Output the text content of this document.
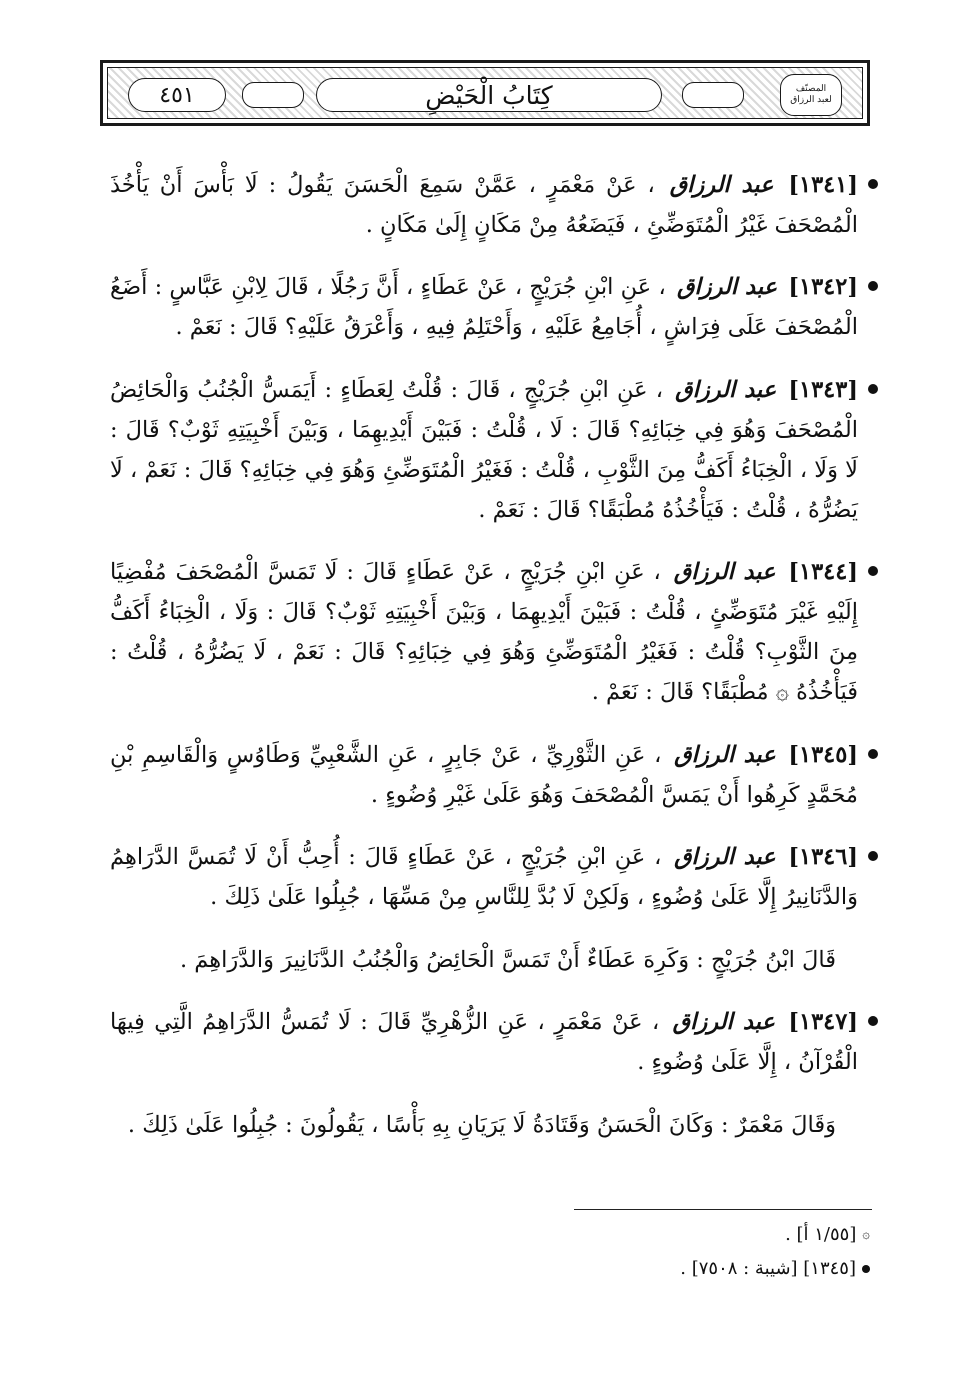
٤٥١	كِتَابُ الْحَيْضِ	المصنّف
لعبد الرزاق

[١٣٤١] عبد الرزاق ، عَنْ مَعْمَرٍ ، عَمَّنْ سَمِعَ الْحَسَنَ يَقُولُ : لَا بَأْسَ أَنْ يَأْخُذَ الْمُصْحَفَ غَيْرُ الْمُتَوَضِّئِ ، فَيَضَعُهُ مِنْ مَكَانٍ إِلَىٰ مَكَانٍ .

[١٣٤٢] عبد الرزاق ، عَنِ ابْنِ جُرَيْجٍ ، عَنْ عَطَاءٍ ، أَنَّ رَجُلًا ، قَالَ لِابْنِ عَبَّاسٍ : أَضَعُ الْمُصْحَفَ عَلَى فِرَاشٍ ، أُجَامِعُ عَلَيْهِ ، وَأَحْتَلِمُ فِيهِ ، وَأَعْرَقُ عَلَيْهِ؟ قَالَ : نَعَمْ .

[١٣٤٣] عبد الرزاق ، عَنِ ابْنِ جُرَيْجٍ ، قَالَ : قُلْتُ لِعَطَاءٍ : أَيَمَسُّ الْجُنُبُ وَالْحَائِضُ الْمُصْحَفَ وَهُوَ فِي خِبَائِهِ؟ قَالَ : لَا ، قُلْتُ : فَبَيْنَ أَيْدِيهِمَا ، وَبَيْنَ أَخْبِيَتِهِ ثَوْبٌ؟ قَالَ : لَا وَلَا ، الْخِبَاءُ أَكَفُّ مِنَ الثَّوْبِ ، قُلْتُ : فَغَيْرُ الْمُتَوَضِّئِ وَهُوَ فِي خِبَائِهِ؟ قَالَ : نَعَمْ ، لَا يَضُرُّهُ ، قُلْتُ : فَيَأْخُذُهُ مُطْبَقًا؟ قَالَ : نَعَمْ .

[١٣٤٤] عبد الرزاق ، عَنِ ابْنِ جُرَيْجٍ ، عَنْ عَطَاءٍ قَالَ : لَا تَمَسَّ الْمُصْحَفَ مُفْضِيًا إِلَيْهِ غَيْرَ مُتَوَضِّئٍ ، قُلْتُ : فَبَيْنَ أَيْدِيهِمَا ، وَبَيْنَ أَخْبِيَتِهِ ثَوْبٌ؟ قَالَ : وَلَا ، الْخِبَاءُ أَكَفُّ مِنَ الثَّوْبِ؟ قُلْتُ : فَغَيْرُ الْمُتَوَضِّئِ وَهُوَ فِي خِبَائِهِ؟ قَالَ : نَعَمْ ، لَا يَضُرُّهُ ، قُلْتُ : فَيَأْخُذُهُ ۞ مُطْبَقًا؟ قَالَ : نَعَمْ .

[١٣٤٥] عبد الرزاق ، عَنِ الثَّوْرِيِّ ، عَنْ جَابِرٍ ، عَنِ الشَّعْبِيِّ وَطَاوُسٍ وَالْقَاسِمِ بْنِ مُحَمَّدٍ كَرِهُوا أَنْ يَمَسَّ الْمُصْحَفَ وَهُوَ عَلَىٰ غَيْرِ وُضُوءٍ .

[١٣٤٦] عبد الرزاق ، عَنِ ابْنِ جُرَيْجٍ ، عَنْ عَطَاءٍ قَالَ : أُحِبُّ أَنْ لَا تُمَسَّ الدَّرَاهِمُ وَالدَّنَانِيرُ إِلَّا عَلَىٰ وُضُوءٍ ، وَلَكِنْ لَا بُدَّ لِلنَّاسِ مِنْ مَسِّهَا ، جُبِلُوا عَلَىٰ ذَلِكَ .

قَالَ ابْنُ جُرَيْجٍ : وَكَرِهَ عَطَاءٌ أَنْ تَمَسَّ الْحَائِضُ وَالْجُنُبُ الدَّنَانِيرَ وَالدَّرَاهِمَ .

[١٣٤٧] عبد الرزاق ، عَنْ مَعْمَرٍ ، عَنِ الزُّهْرِيِّ قَالَ : لَا تُمَسُّ الدَّرَاهِمُ الَّتِي فِيهَا الْقُرْآنُ ، إِلَّا عَلَىٰ وُضُوءٍ .

وَقَالَ مَعْمَرٌ : وَكَانَ الْحَسَنُ وَقَتَادَةُ لَا يَرَيَانِ بِهِ بَأْسًا ، يَقُولُونَ : جُبِلُوا عَلَىٰ ذَلِكَ .

۞
[١/٥٥ أ] .
[١٣٤٥] [شيبة : ٧٥٠٨] .
